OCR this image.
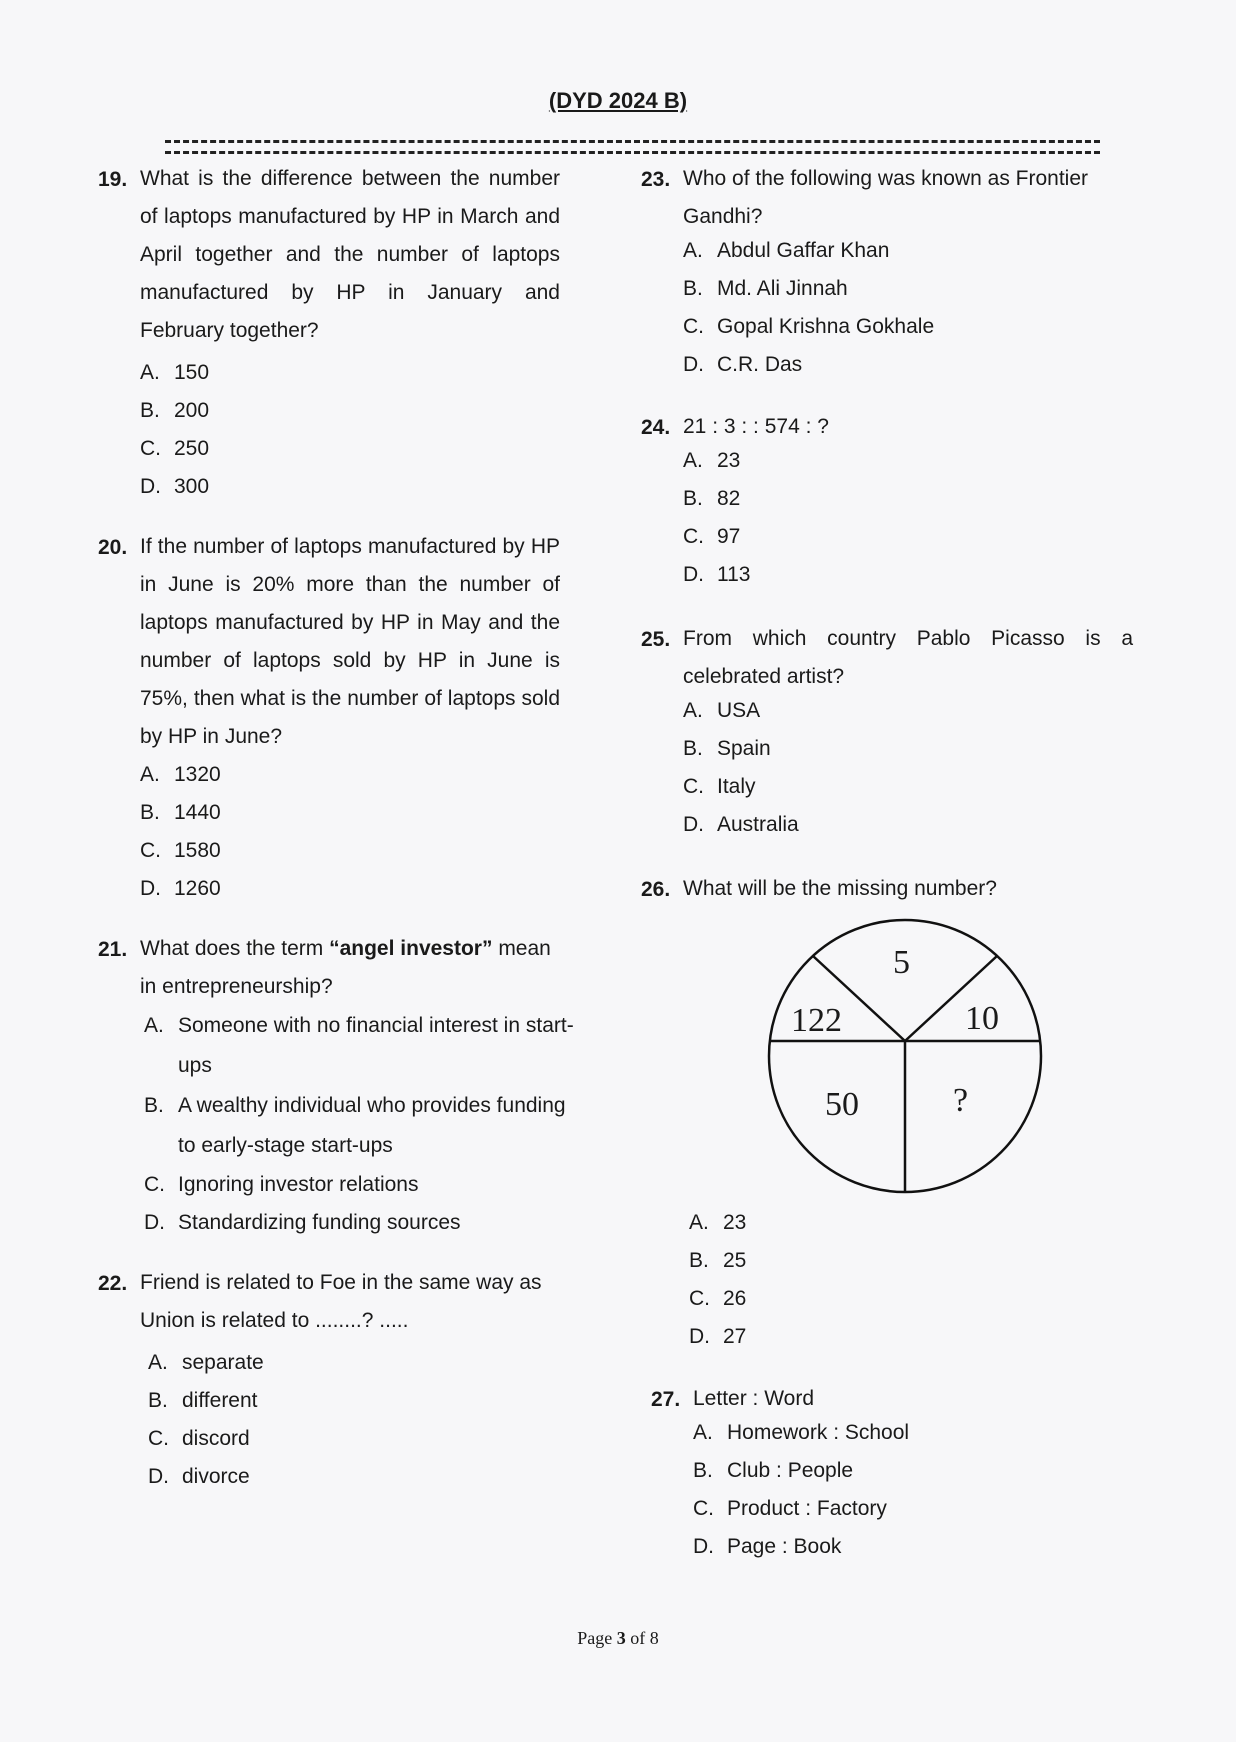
(DYD 2024 B)
19. What is the difference between the number of laptops manufactured by HP in March and April together and the number of laptops manufactured by HP in January and February together?
A. 150
B. 200
C. 250
D. 300
20. If the number of laptops manufactured by HP in June is 20% more than the number of laptops manufactured by HP in May and the number of laptops sold by HP in June is 75%, then what is the number of laptops sold by HP in June?
A. 1320
B. 1440
C. 1580
D. 1260
21. What does the term “angel investor” mean in entrepreneurship?
A. Someone with no financial interest in start-ups
B. A wealthy individual who provides funding to early-stage start-ups
C. Ignoring investor relations
D. Standardizing funding sources
22. Friend is related to Foe in the same way as Union is related to ........? .....
A. separate
B. different
C. discord
D. divorce
23. Who of the following was known as Frontier Gandhi?
A. Abdul Gaffar Khan
B. Md. Ali Jinnah
C. Gopal Krishna Gokhale
D. C.R. Das
24. 21 : 3 : : 574 : ?
A. 23
B. 82
C. 97
D. 113
25. From which country Pablo Picasso is a celebrated artist?
A. USA
B. Spain
C. Italy
D. Australia
26. What will be the missing number?
5
122	10
50	?
A. 23
B. 25
C. 26
D. 27
27. Letter : Word
A. Homework : School
B. Club : People
C. Product : Factory
D. Page : Book
Page 3 of 8
